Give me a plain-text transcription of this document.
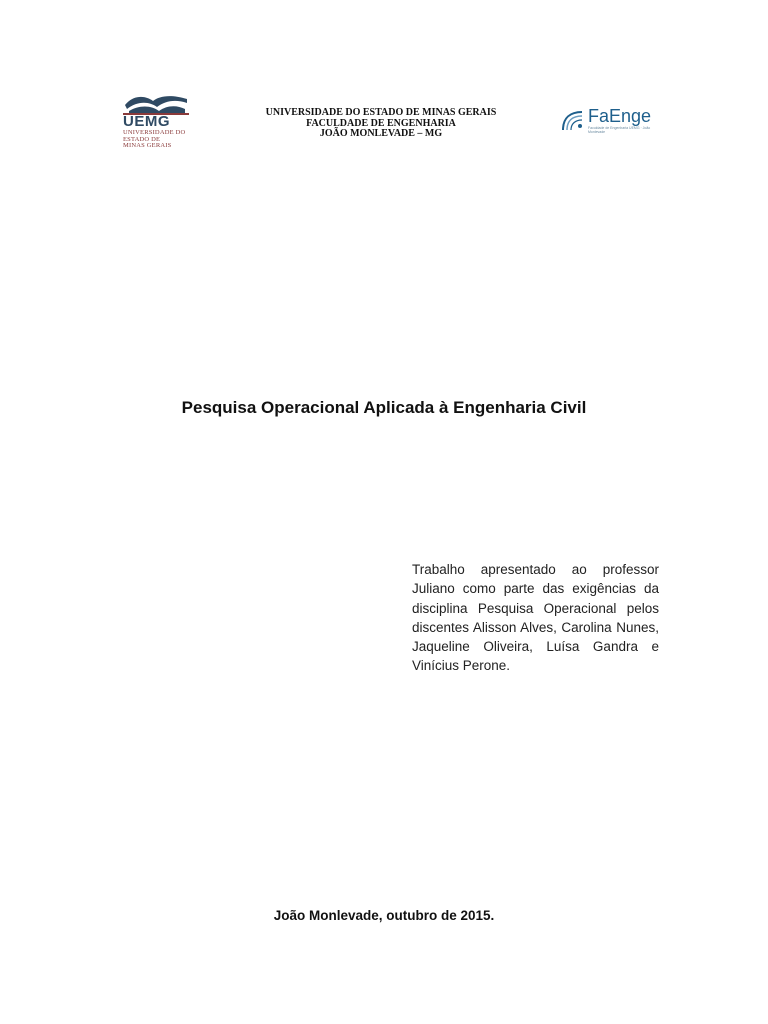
UEMG
UNIVERSIDADE DO
ESTADO DE
MINAS GERAIS
UNIVERSIDADE DO ESTADO DE MINAS GERAIS
FACULDADE DE ENGENHARIA
JOÃO MONLEVADE – MG
FaEnge
Faculdade de Engenharia UEMG · João Monlevade
Pesquisa Operacional Aplicada à Engenharia Civil
Trabalho apresentado ao professor Juliano como parte das exigências da disciplina Pesquisa Operacional pelos discentes Alisson Alves, Carolina Nunes, Jaqueline Oliveira, Luísa Gandra e Vinícius Perone.
João Monlevade, outubro de 2015.
